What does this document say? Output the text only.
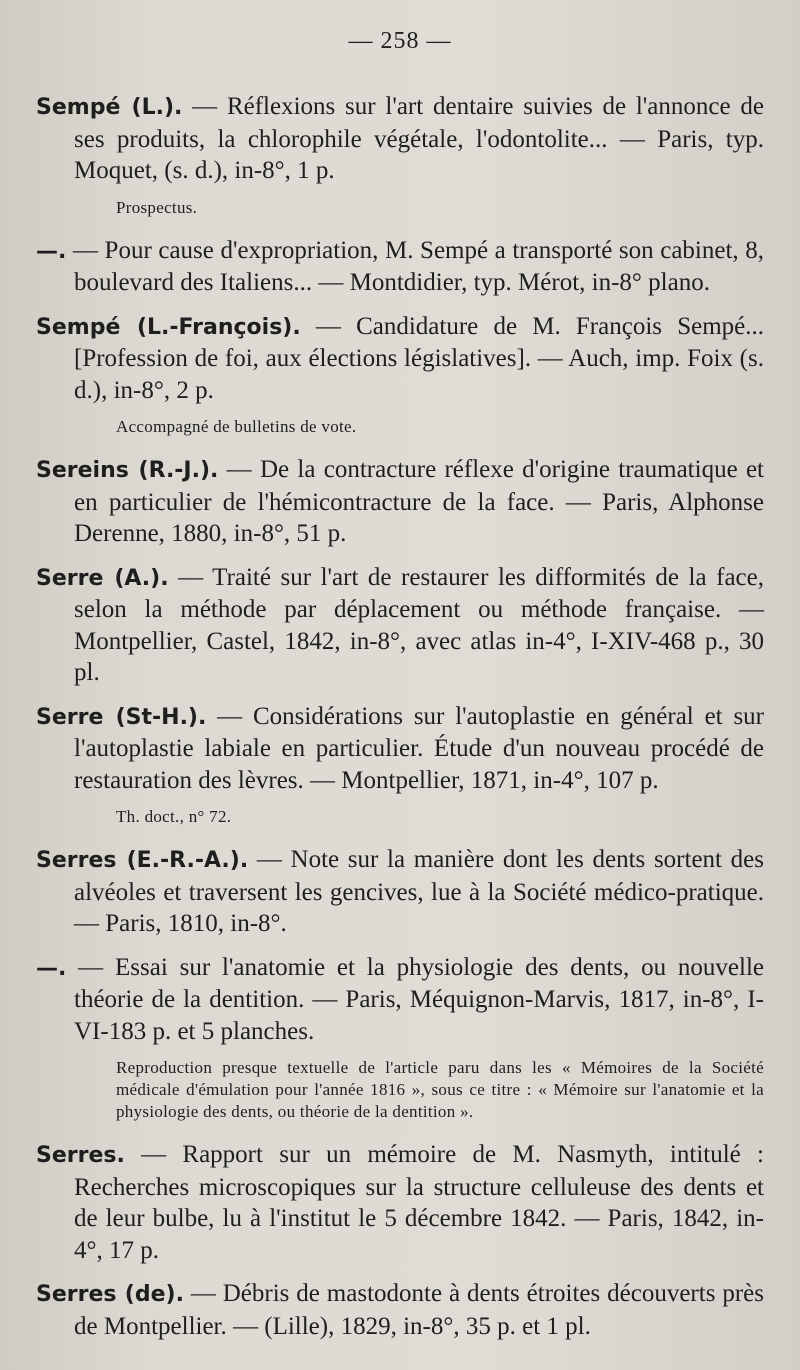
— 258 —

Sempé (L.). — Réflexions sur l'art dentaire suivies de l'annonce de ses produits, la chlorophile végétale, l'odontolite... — Paris, typ. Moquet, (s. d.), in-8°, 1 p.

Prospectus.

—. — Pour cause d'expropriation, M. Sempé a transporté son cabinet, 8, boulevard des Italiens... — Montdidier, typ. Mérot, in-8° plano.

Sempé (L.-François). — Candidature de M. François Sempé... [Profession de foi, aux élections législatives]. — Auch, imp. Foix (s. d.), in-8°, 2 p.

Accompagné de bulletins de vote.

Sereins (R.-J.). — De la contracture réflexe d'origine traumatique et en particulier de l'hémicontracture de la face. — Paris, Alphonse Derenne, 1880, in-8°, 51 p.

Serre (A.). — Traité sur l'art de restaurer les difformités de la face, selon la méthode par déplacement ou méthode française. — Montpellier, Castel, 1842, in-8°, avec atlas in-4°, I-XIV-468 p., 30 pl.

Serre (St-H.). — Considérations sur l'autoplastie en général et sur l'autoplastie labiale en particulier. Étude d'un nouveau procédé de restauration des lèvres. — Montpellier, 1871, in-4°, 107 p.

Th. doct., n° 72.

Serres (E.-R.-A.). — Note sur la manière dont les dents sortent des alvéoles et traversent les gencives, lue à la Société médico-pratique. — Paris, 1810, in-8°.

—. — Essai sur l'anatomie et la physiologie des dents, ou nouvelle théorie de la dentition. — Paris, Méquignon-Marvis, 1817, in-8°, I-VI-183 p. et 5 planches.

Reproduction presque textuelle de l'article paru dans les « Mémoires de la Société médicale d'émulation pour l'année 1816 », sous ce titre : « Mémoire sur l'anatomie et la physiologie des dents, ou théorie de la dentition ».

Serres. — Rapport sur un mémoire de M. Nasmyth, intitulé : Recherches microscopiques sur la structure celluleuse des dents et de leur bulbe, lu à l'institut le 5 décembre 1842. — Paris, 1842, in-4°, 17 p.

Serres (de). — Débris de mastodonte à dents étroites découverts près de Montpellier. — (Lille), 1829, in-8°, 35 p. et 1 pl.
